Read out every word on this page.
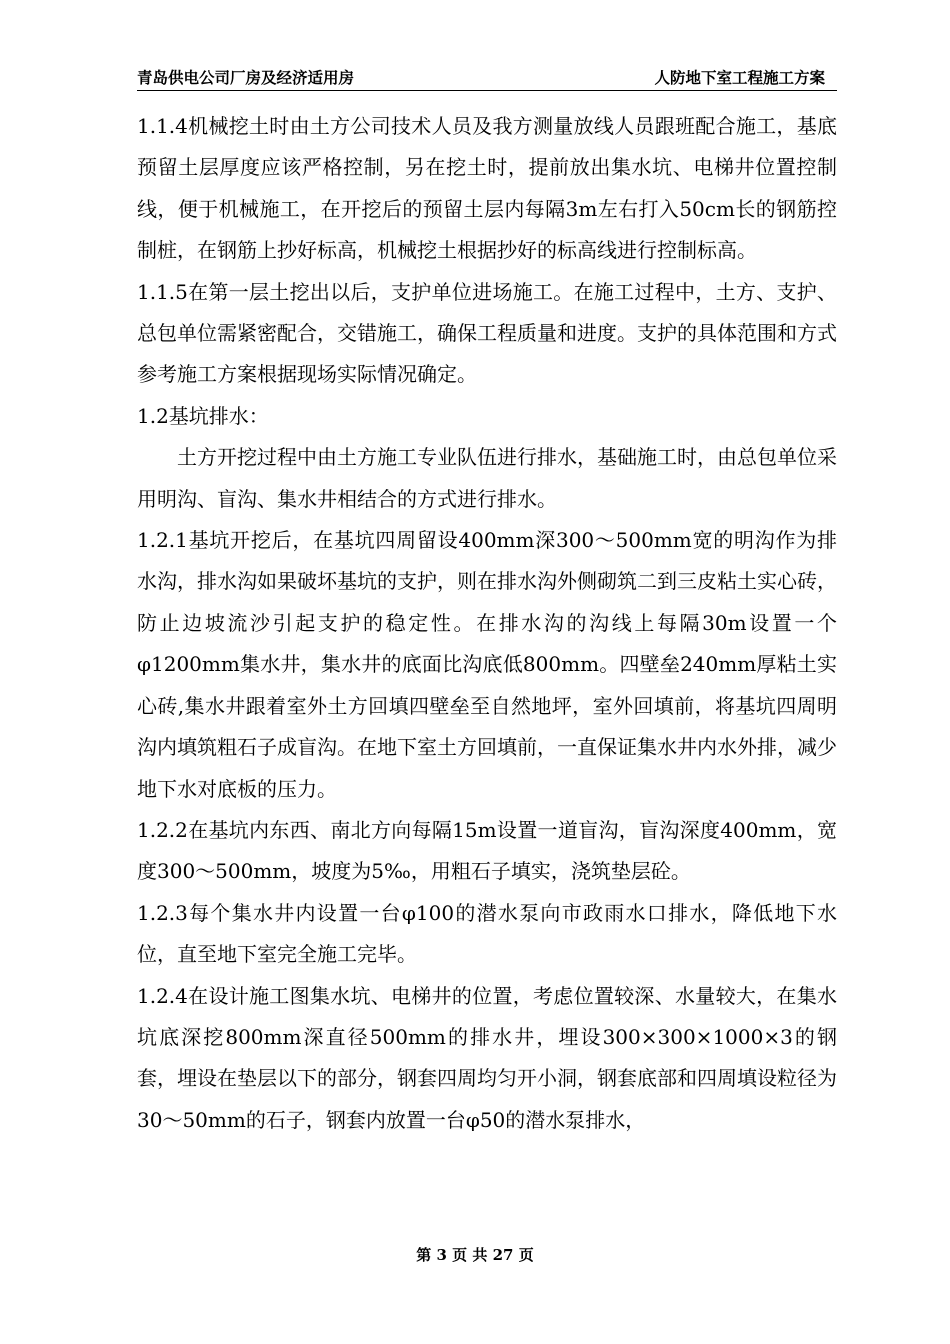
青岛供电公司厂房及经济适用房	人防地下室工程施工方案

1.1.4机械挖土时由土方公司技术人员及我方测量放线人员跟班配合施工，基底预留土层厚度应该严格控制，另在挖土时，提前放出集水坑、电梯井位置控制线，便于机械施工，在开挖后的预留土层内每隔3m左右打入50cm长的钢筋控制桩，在钢筋上抄好标高，机械挖土根据抄好的标高线进行控制标高。

1.1.5在第一层土挖出以后，支护单位进场施工。在施工过程中，土方、支护、总包单位需紧密配合，交错施工，确保工程质量和进度。支护的具体范围和方式参考施工方案根据现场实际情况确定。

1.2基坑排水：

土方开挖过程中由土方施工专业队伍进行排水，基础施工时，由总包单位采用明沟、盲沟、集水井相结合的方式进行排水。

1.2.1基坑开挖后，在基坑四周留设400mm深300～500mm宽的明沟作为排水沟，排水沟如果破坏基坑的支护，则在排水沟外侧砌筑二到三皮粘土实心砖，防止边坡流沙引起支护的稳定性。在排水沟的沟线上每隔30m设置一个φ1200mm集水井，集水井的底面比沟底低800mm。四壁垒240mm厚粘土实心砖,集水井跟着室外土方回填四壁垒至自然地坪，室外回填前，将基坑四周明沟内填筑粗石子成盲沟。在地下室土方回填前，一直保证集水井内水外排，减少地下水对底板的压力。

1.2.2在基坑内东西、南北方向每隔15m设置一道盲沟，盲沟深度400mm，宽度300～500mm，坡度为5‰，用粗石子填实，浇筑垫层砼。

1.2.3每个集水井内设置一台φ100的潜水泵向市政雨水口排水，降低地下水位，直至地下室完全施工完毕。

1.2.4在设计施工图集水坑、电梯井的位置，考虑位置较深、水量较大，在集水坑底深挖800mm深直径500mm的排水井，埋设300×300×1000×3的钢套，埋设在垫层以下的部分，钢套四周均匀开小洞，钢套底部和四周填设粒径为30～50mm的石子，钢套内放置一台φ50的潜水泵排水，

第 3 页 共 27 页
